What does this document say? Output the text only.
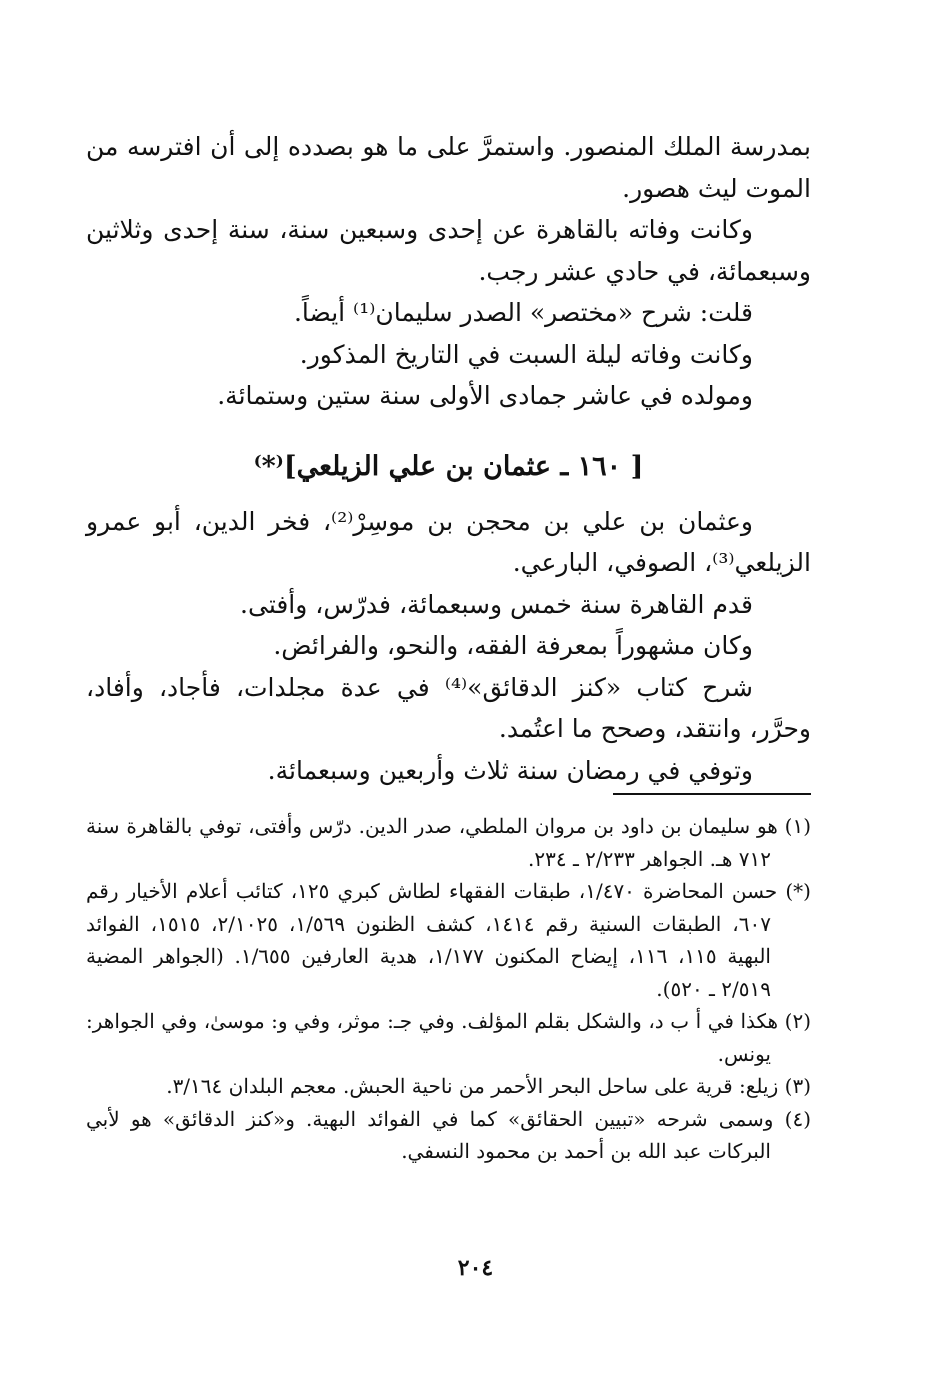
بمدرسة الملك المنصور. واستمرَّ على ما هو بصدده إلى أن افترسه من الموت ليث هصور.

وكانت وفاته بالقاهرة عن إحدى وسبعين سنة، سنة إحدى وثلاثين وسبعمائة، في حادي عشر رجب.

قلت: شرح «مختصر» الصدر سليمان⁽¹⁾ أيضاً.

وكانت وفاته ليلة السبت في التاريخ المذكور.

ومولده في عاشر جمادى الأولى سنة ستين وستمائة.

[ ١٦٠ ـ عثمان بن علي الزيلعي]⁽*⁾

وعثمان بن علي بن محجن بن موسِرْ⁽²⁾، فخر الدين، أبو عمرو الزيلعي⁽³⁾، الصوفي، البارعي.

قدم القاهرة سنة خمس وسبعمائة، فدرّس، وأفتى.

وكان مشهوراً بمعرفة الفقه، والنحو، والفرائض.

شرح كتاب «كنز الدقائق»⁽⁴⁾ في عدة مجلدات، فأجاد، وأفاد، وحرَّر، وانتقد، وصحح ما اعتُمد.

وتوفي في رمضان سنة ثلاث وأربعين وسبعمائة.

(١) هو سليمان بن داود بن مروان الملطي، صدر الدين. درّس وأفتى، توفي بالقاهرة سنة ٧١٢ هـ. الجواهر ٢/٢٣٣ ـ ٢٣٤.

(*) حسن المحاضرة ١/٤٧٠، طبقات الفقهاء لطاش كبري ١٢٥، كتائب أعلام الأخيار رقم ٦٠٧، الطبقات السنية رقم ١٤١٤، كشف الظنون ١/٥٦٩، ٢/١٠٢٥، ١٥١٥، الفوائد البهية ١١٥، ١١٦، إيضاح المكنون ١/١٧٧، هدية العارفين ١/٦٥٥. (الجواهر المضية ٢/٥١٩ ـ ٥٢٠).

(٢) هكذا في أ ب د، والشكل بقلم المؤلف. وفي جـ: موثر، وفي و: موسىٰ، وفي الجواهر: يونس.

(٣) زيلع: قرية على ساحل البحر الأحمر من ناحية الحبش. معجم البلدان ٣/١٦٤.

(٤) وسمى شرحه «تبيين الحقائق» كما في الفوائد البهية. و«كنز الدقائق» هو لأبي البركات عبد الله بن أحمد بن محمود النسفي.

٢٠٤
